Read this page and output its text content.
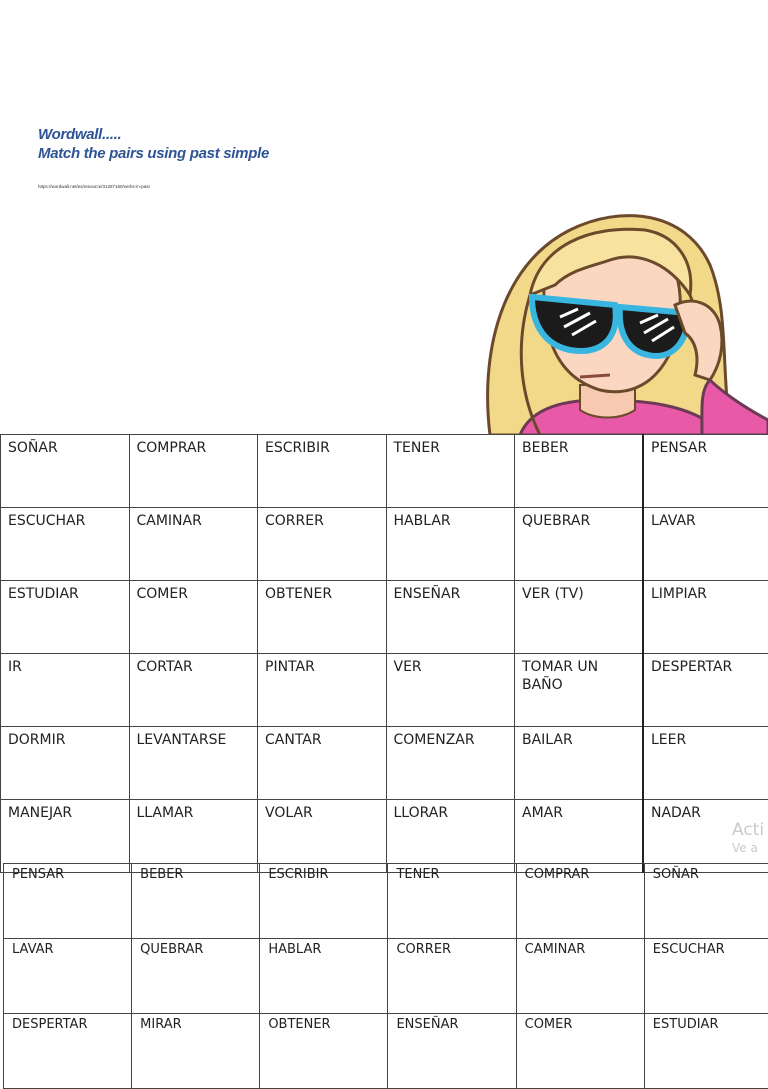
Wordwall.....
Match the pairs using past simple
https://wordwall.net/es/resource/31287160/verbs-in-past
SOÑAR	COMPRAR	ESCRIBIR	TENER	BEBER	PENSAR
ESCUCHAR	CAMINAR	CORRER	HABLAR	QUEBRAR	LAVAR
ESTUDIAR	COMER	OBTENER	ENSEÑAR	VER (TV)	LIMPIAR
IR	CORTAR	PINTAR	VER	TOMAR UN BAÑO	DESPERTAR
DORMIR	LEVANTARSE	CANTAR	COMENZAR	BAILAR	LEER
MANEJAR	LLAMAR	VOLAR	LLORAR	AMAR	NADAR
Acti
Ve a
PENSAR	BEBER	ESCRIBIR	TENER	COMPRAR	SOÑAR
LAVAR	QUEBRAR	HABLAR	CORRER	CAMINAR	ESCUCHAR
DESPERTAR	MIRAR	OBTENER	ENSEÑAR	COMER	ESTUDIAR
